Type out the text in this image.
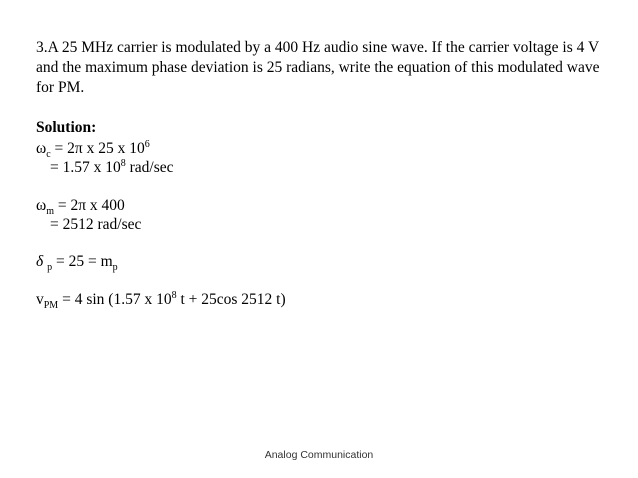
3.A 25 MHz carrier is modulated by a 400 Hz audio sine wave. If the carrier voltage is 4 V and the maximum phase deviation is 25 radians, write the equation of this modulated wave for PM.
Solution:
$\omega_c = 2\pi$ x 25 x $10^6$
= 1.57 x $10^8$ rad/sec
$\omega_m = 2\pi$ x 400
= 2512 rad/sec
δ $_p = 25 = m_p$
$v_{PM} = 4$ sin (1.57 x $10^8$ t + 25cos 2512 t)
Analog Communication
